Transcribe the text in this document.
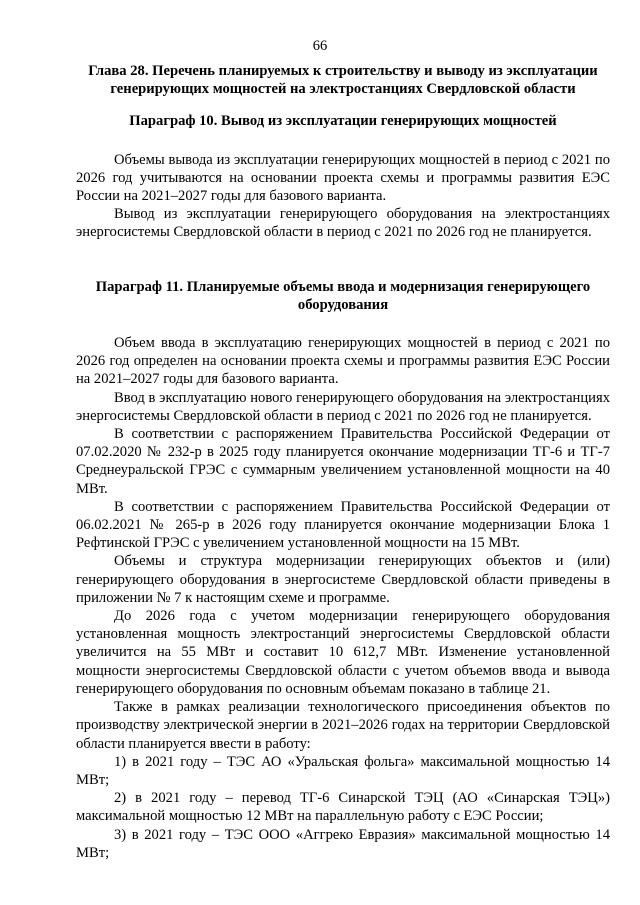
66

Глава 28. Перечень планируемых к строительству и выводу из эксплуатации генерирующих мощностей на электростанциях Свердловской области

Параграф 10. Вывод из эксплуатации генерирующих мощностей

Объемы вывода из эксплуатации генерирующих мощностей в период с 2021 по 2026 год учитываются на основании проекта схемы и программы развития ЕЭС России на 2021–2027 годы для базового варианта.

Вывод из эксплуатации генерирующего оборудования на электростанциях энергосистемы Свердловской области в период с 2021 по 2026 год не планируется.

Параграф 11. Планируемые объемы ввода и модернизация генерирующего оборудования

Объем ввода в эксплуатацию генерирующих мощностей в период с 2021 по 2026 год определен на основании проекта схемы и программы развития ЕЭС России на 2021–2027 годы для базового варианта.

Ввод в эксплуатацию нового генерирующего оборудования на электростанциях энергосистемы Свердловской области в период с 2021 по 2026 год не планируется.

В соответствии с распоряжением Правительства Российской Федерации от 07.02.2020 № 232-р в 2025 году планируется окончание модернизации ТГ-6 и ТГ-7 Среднеуральской ГРЭС с суммарным увеличением установленной мощности на 40 МВт.

В соответствии с распоряжением Правительства Российской Федерации от 06.02.2021 № 265-р в 2026 году планируется окончание модернизации Блока 1 Рефтинской ГРЭС с увеличением установленной мощности на 15 МВт.

Объемы и структура модернизации генерирующих объектов и (или) генерирующего оборудования в энергосистеме Свердловской области приведены в приложении № 7 к настоящим схеме и программе.

До 2026 года с учетом модернизации генерирующего оборудования установленная мощность электростанций энергосистемы Свердловской области увеличится на 55 МВт и составит 10 612,7 МВт. Изменение установленной мощности энергосистемы Свердловской области с учетом объемов ввода и вывода генерирующего оборудования по основным объемам показано в таблице 21.

Также в рамках реализации технологического присоединения объектов по производству электрической энергии в 2021–2026 годах на территории Свердловской области планируется ввести в работу:

1) в 2021 году – ТЭС АО «Уральская фольга» максимальной мощностью 14 МВт;

2) в 2021 году – перевод ТГ-6 Синарской ТЭЦ (АО «Синарская ТЭЦ») максимальной мощностью 12 МВт на параллельную работу с ЕЭС России;

3) в 2021 году – ТЭС ООО «Аггреко Евразия» максимальной мощностью 14 МВт;
